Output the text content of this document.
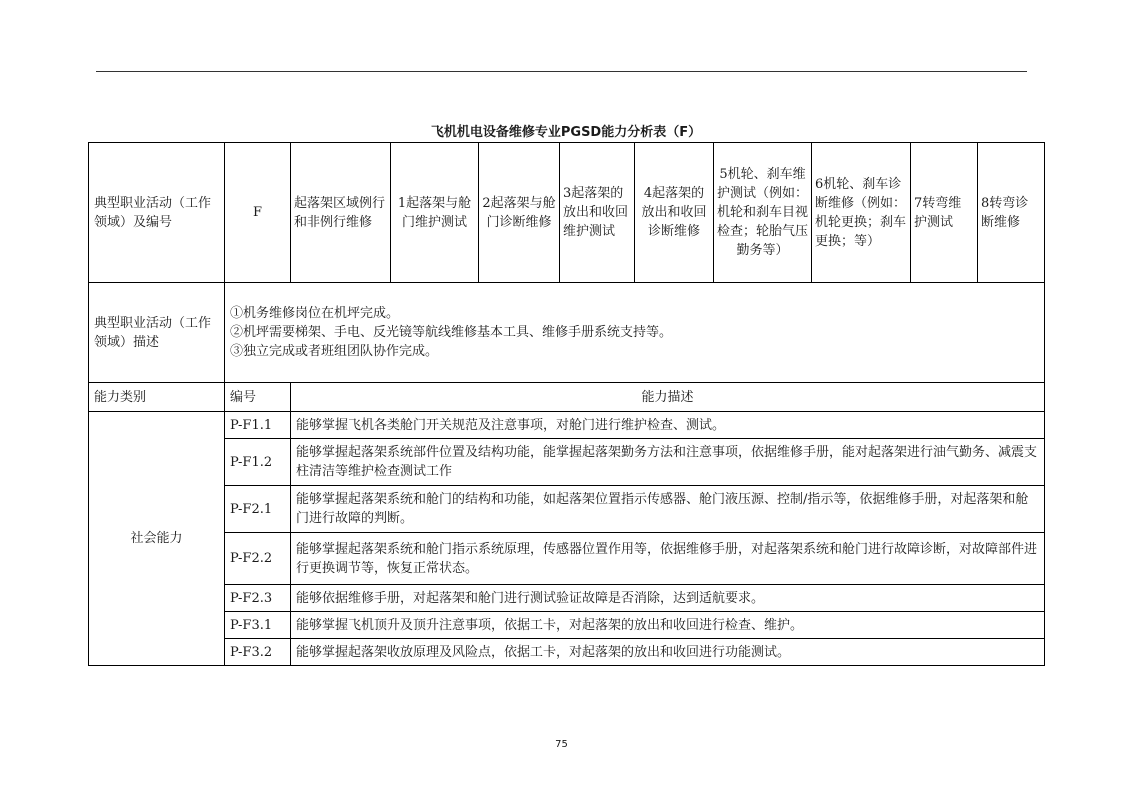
飞机机电设备维修专业PGSD能力分析表（F）
典型职业活动（工作领域）及编号	F	起落架区域例行和非例行维修	1起落架与舱门维护测试	2起落架与舱门诊断维修	3起落架的放出和收回维护测试	4起落架的放出和收回诊断维修	5机轮、刹车维护测试（例如：机轮和刹车目视检查；轮胎气压勤务等）	6机轮、刹车诊断维修（例如：机轮更换；刹车更换；等）	7转弯维护测试	8转弯诊断维修
典型职业活动（工作领域）描述	①机务维修岗位在机坪完成。
②机坪需要梯架、手电、反光镜等航线维修基本工具、维修手册系统支持等。
③独立完成或者班组团队协作完成。									

能力类别	编号	能力描述								
社会能力	P-F1.1	能够掌握飞机各类舱门开关规范及注意事项，对舱门进行维护检查、测试。								
	P-F1.2	能够掌握起落架系统部件位置及结构功能，能掌握起落架勤务方法和注意事项，依据维修手册，能对起落架进行油气勤务、减震支柱清洁等维护检查测试工作								
	P-F2.1	能够掌握起落架系统和舱门的结构和功能，如起落架位置指示传感器、舱门液压源、控制/指示等，依据维修手册，对起落架和舱门进行故障的判断。								
	P-F2.2	能够掌握起落架系统和舱门指示系统原理，传感器位置作用等，依据维修手册，对起落架系统和舱门进行故障诊断，对故障部件进行更换调节等，恢复正常状态。								
	P-F2.3	能够依据维修手册，对起落架和舱门进行测试验证故障是否消除，达到适航要求。								
	P-F3.1	能够掌握飞机顶升及顶升注意事项，依据工卡，对起落架的放出和收回进行检查、维护。								
	P-F3.2	能够掌握起落架收放原理及风险点，依据工卡，对起落架的放出和收回进行功能测试。								
75
